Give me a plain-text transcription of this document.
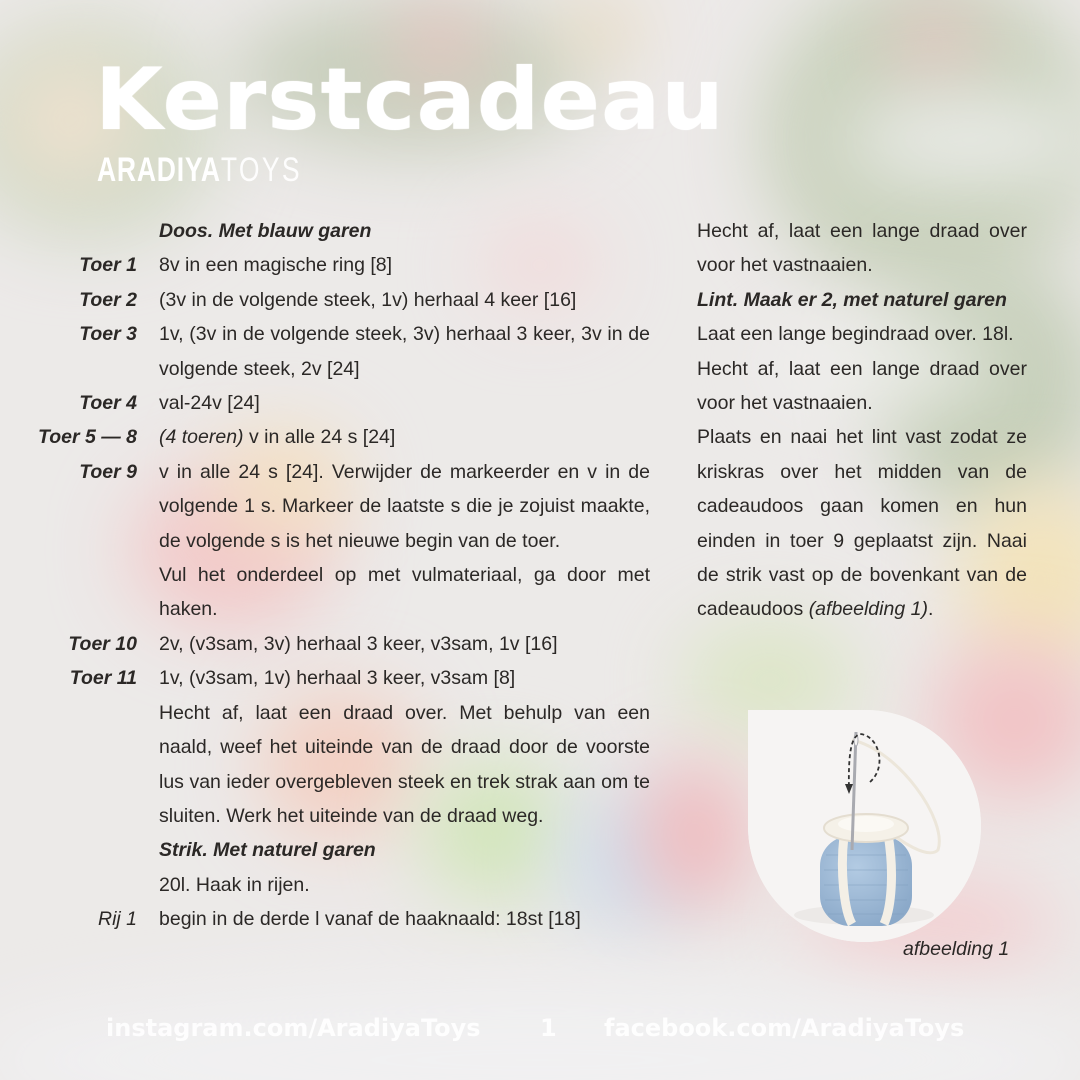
Kerstcadeau
ARADIYATOYS
Doos. Met blauw garen
Toer 1	8v in een magische ring [8]
Toer 2	(3v in de volgende steek, 1v) herhaal 4 keer [16]
Toer 3	1v, (3v in de volgende steek, 3v) herhaal 3 keer, 3v in de volgende steek, 2v [24]
Toer 4	val-24v [24]
Toer 5 — 8	(4 toeren) v in alle 24 s [24]
Toer 9	v in alle 24 s [24]. Verwijder de markeerder en v in de volgende 1 s. Markeer de laatste s die je zojuist maakte, de volgende s is het nieuwe begin van de toer.
Vul het onderdeel op met vulmateriaal, ga door met haken.
Toer 10	2v, (v3sam, 3v) herhaal 3 keer, v3sam, 1v [16]
Toer 11	1v, (v3sam, 1v) herhaal 3 keer, v3sam [8]
Hecht af, laat een draad over. Met behulp van een naald, weef het uiteinde van de draad door de voorste lus van ieder overgebleven steek en trek strak aan om te sluiten. Werk het uiteinde van de draad weg.
Strik. Met naturel garen
20l. Haak in rijen.
Rij 1	begin in de derde l vanaf de haaknaald: 18st [18]
Hecht af, laat een lange draad over voor het vastnaaien.
Lint. Maak er 2, met naturel garen
Laat een lange begindraad over. 18l.
Hecht af, laat een lange draad over voor het vastnaaien.
Plaats en naai het lint vast zodat ze kriskras over het midden van de cadeaudoos gaan komen en hun einden in toer 9 geplaatst zijn. Naai de strik vast op de bovenkant van de cadeaudoos (afbeelding 1).
afbeelding 1
instagram.com/AradiyaToys 1 facebook.com/AradiyaToys
